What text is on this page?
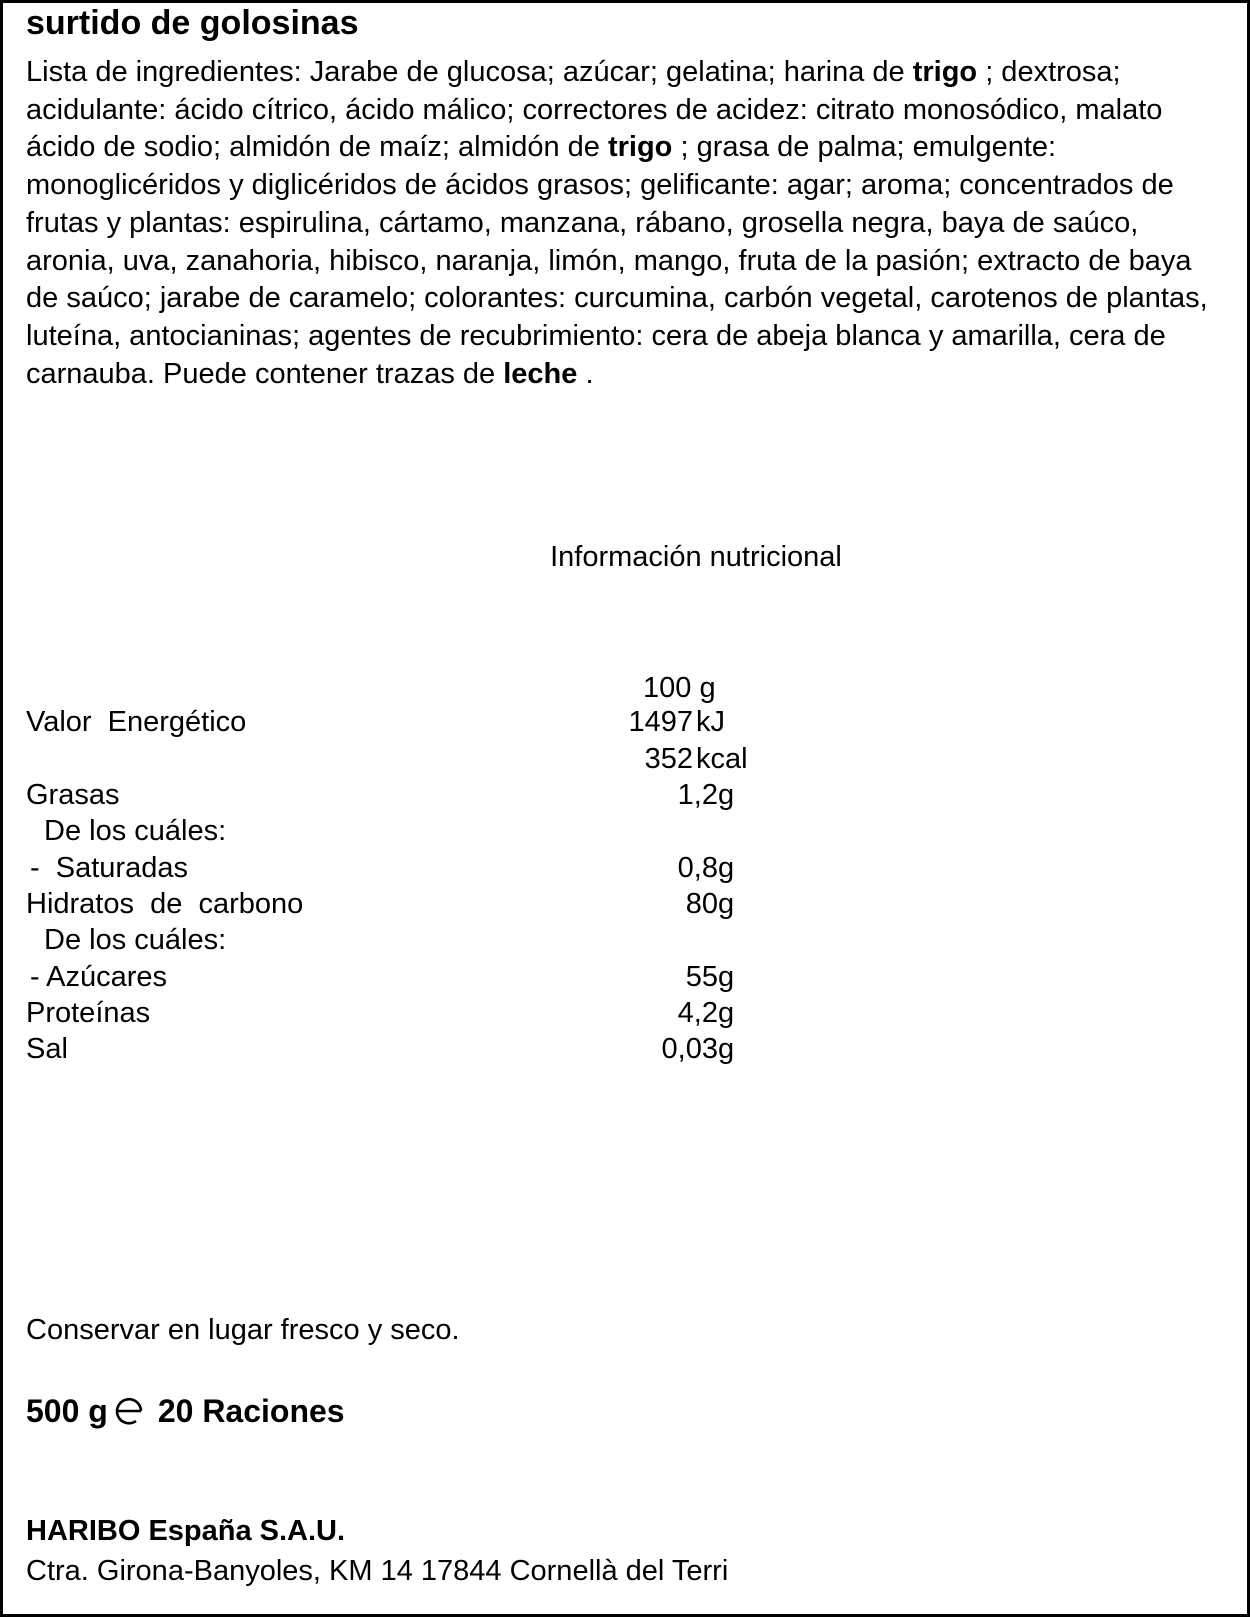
surtido de golosinas
Lista de ingredientes: Jarabe de glucosa; azúcar; gelatina; harina de trigo ; dextrosa; acidulante: ácido cítrico, ácido málico; correctores de acidez: citrato monosódico, malato ácido de sodio; almidón de maíz; almidón de trigo ; grasa de palma; emulgente: monoglicéridos y diglicéridos de ácidos grasos; gelificante: agar; aroma; concentrados de frutas y plantas: espirulina, cártamo, manzana, rábano, grosella negra, baya de saúco, aronia, uva, zanahoria, hibisco, naranja, limón, mango, fruta de la pasión; extracto de baya de saúco; jarabe de caramelo; colorantes: curcumina, carbón vegetal, carotenos de plantas, luteína, antocianinas; agentes de recubrimiento: cera de abeja blanca y amarilla, cera de carnauba. Puede contener trazas de leche .
Información nutricional
100 g
Valor  Energético	1497 kJ
352 kcal
Grasas	1,2 g
De los cuáles:
-  Saturadas	0,8 g
Hidratos  de  carbono	80 g
De los cuáles:
- Azúcares	55 g
Proteínas	4,2 g
Sal	0,03 g
Conservar en lugar fresco y seco.
500 g 20 Raciones
HARIBO España S.A.U.
Ctra. Girona-Banyoles, KM 14 17844 Cornellà del Terri
